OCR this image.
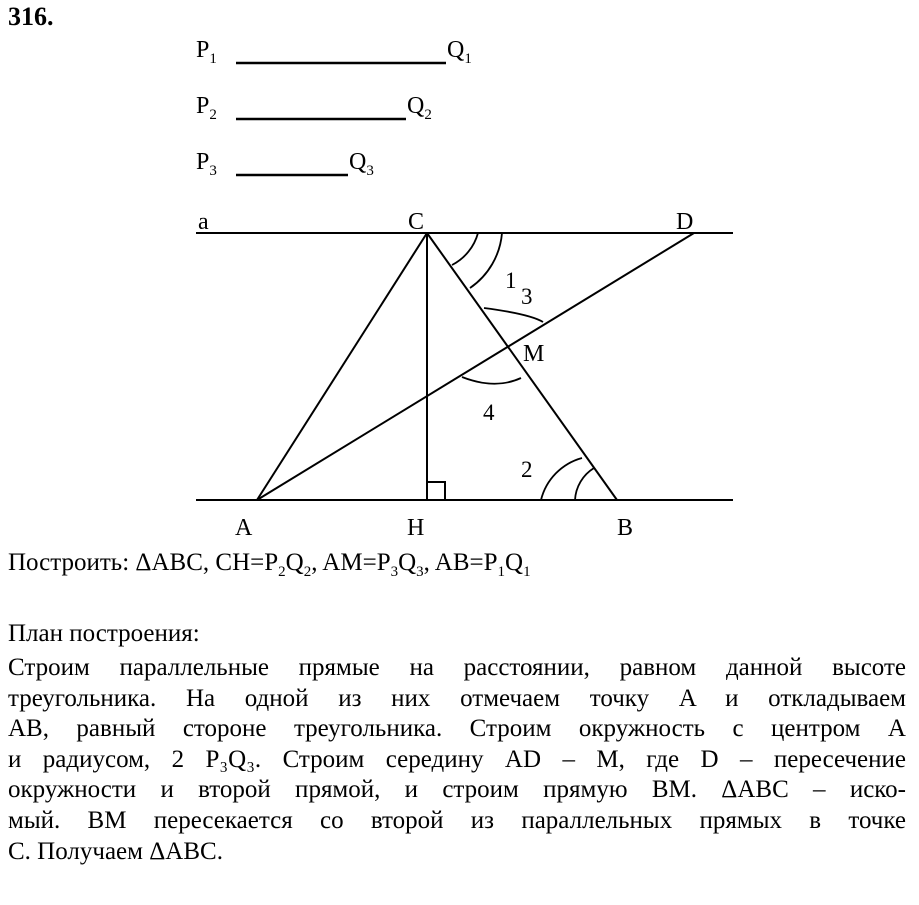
316.
$P_1$	$Q_1$
$P_2$	$Q_2$
$P_3$	$Q_3$
a	C	D
M
A	H	B
1
3
4
2
Построить: ΔABC, $CH=P_2Q_2$, $AM=P_3Q_3$, $AB=P_1Q_1$
План построения:

Строим параллельные прямые на расстоянии, равном данной высоте
треугольника. На одной из них отмечаем точку A и откладываем
AB, равный стороне треугольника. Строим окружность с центром A
и радиусом, 2 P₃Q₃. Строим середину AD – M, где D – пересечение
окружности и второй прямой, и строим прямую BM. ΔABC – иско-
мый. BM пересекается со второй из параллельных прямых в точке
C. Получаем ΔABC.
